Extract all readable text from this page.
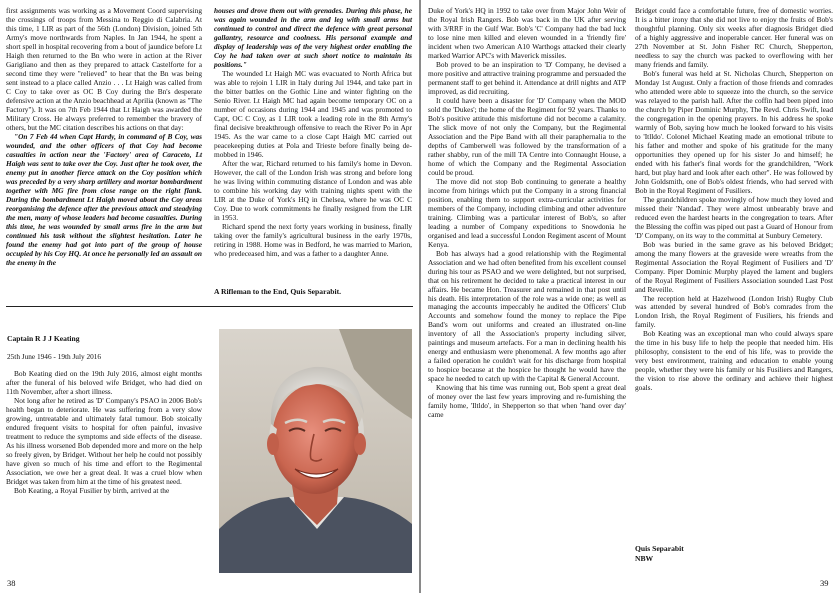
first assignments was working as a Movement Coord supervising the crossings of troops from Messina to Reggio di Calabria. At this time, 1 LIR as part of the 56th (London) Division, joined 5th Army's move northwards from Naples. In Jan 1944, he spent a short spell in hospital recovering from a bout of jaundice before Lt Haigh then returned to the Bn who were in action at the River Garigliano and then as they prepared to attack Castelforte for a second time they were "relieved" to hear that the Bn was being sent instead to a place called Anzio . . . Lt Haigh was called from C Coy to take over as OC B Coy during the Bn's desperate defensive action at the Anzio beachhead at Aprilia (known as "The Factory"). It was on 7th Feb 1944 that Lt Haigh was awarded the Military Cross. He always preferred to remember the bravery of others, but the MC citation describes his actions on that day:

"On 7 Feb 44 when Capt Hardy, in command of B Coy, was wounded, and the other officers of that Coy had become casualties in action near the 'Factory' area of Caraceto, Lt Haigh was sent to take over the Coy. Just after he took over, the enemy put in another fierce attack on the Coy position which was preceded by a very sharp artillery and mortar bombardment together with MG fire from close range on the right flank. During the bombardment Lt Haigh moved about the Coy areas reorganising the defence after the previous attack and steadying the men, many of whose leaders had become casualties. During this time, he was wounded by small arms fire in the arm but continued his task without the slightest hesitation. Later he found the enemy had got into part of the group of house occupied by his Coy HQ. At once he personally led an assault on the enemy in the

houses and drove them out with grenades. During this phase, he was again wounded in the arm and leg with small arms but continued to control and direct the defence with great personal gallantry, resource and coolness. His personal example and display of leadership was of the very highest order enabling the Coy he had taken over at such short notice to maintain its positions."

The wounded Lt Haigh MC was evacuated to North Africa but was able to rejoin 1 LIR in Italy during Jul 1944, and take part in the bitter battles on the Gothic Line and winter fighting on the Senio River. Lt Haigh MC had again become temporary OC on a number of occasions during 1944 and 1945 and was promoted to Capt, OC C Coy, as 1 LIR took a leading role in the 8th Army's final decisive breakthrough offensive to reach the River Po in Apr 1945. As the war came to a close Capt Haigh MC carried out peacekeeping duties at Pola and Trieste before finally being de-mobbed in 1946.

After the war, Richard returned to his family's home in Devon. However, the call of the London Irish was strong and before long he was living within commuting distance of London and was able to combine his working day with training nights spent with the LIR at the Duke of York's HQ in Chelsea, where he was OC C Coy. Due to work commitments he finally resigned from the LIR in 1953.

Richard spend the next forty years working in business, finally taking over the family's agricultural business in the early 1970s, retiring in 1988. Home was in Bedford, he was married to Marion, who predeceased him, and was a father to a daughter Anne.

A Rifleman to the End, Quis Separabit.
Captain R J J Keating
25th June 1946 - 19th July 2016

Bob Keating died on the 19th July 2016, almost eight months after the funeral of his beloved wife Bridget, who had died on 11th November, after a short illness.

Not long after he retired as 'D' Company's PSAO in 2006 Bob's health began to deteriorate. He was suffering from a very slow growing, untreatable and ultimately fatal tumour. Bob stoically endured frequent visits to hospital for often painful, invasive treatment to reduce the symptoms and side effects of the disease. As his illness worsened Bob depended more and more on the help so freely given, by Bridget. Without her help he could not possibly have given so much of his time and effort to the Regimental Association, we owe her a great deal. It was a cruel blow when Bridget was taken from him at the time of his greatest need.

Bob Keating, a Royal Fusilier by birth, arrived at the

38

Duke of York's HQ in 1992 to take over from Major John Weir of the Royal Irish Rangers. Bob was back in the UK after serving with 3/RRF in the Gulf War. Bob's 'C' Company had the bad luck to lose nine men killed and eleven wounded in a 'friendly fire' incident when two American A10 Warthogs attacked their clearly marked Warrior APC's with Maverick missiles.

Bob proved to be an inspiration to 'D' Company, he devised a more positive and attractive training programme and persuaded the permanent staff to get behind it. Attendance at drill nights and ATP improved, as did recruiting.

It could have been a disaster for 'D' Company when the MOD sold the 'Dukes'; the home of the Regiment for 92 years. Thanks to Bob's positive attitude this misfortune did not become a calamity. The slick move of not only the Company, but the Regimental Association and the Pipe Band with all their paraphernalia to the depths of Camberwell was followed by the transformation of a rather shabby, run of the mill TA Centre into Connaught House, a home of which the Company and the Regimental Association could be proud.

The move did not stop Bob continuing to generate a healthy income from hirings which put the Company in a strong financial position, enabling them to support extra-curricular activities for members of the Company, including climbing and other adventure training. Climbing was a particular interest of Bob's, so after leading a number of Company expeditions to Snowdonia he organised and lead a successful London Regiment ascent of Mount Kenya.

Bob has always had a good relationship with the Regimental Association and we had often benefited from his excellent counsel during his tour as PSAO and we were delighted, but not surprised, that on his retirement he decided to take a practical interest in our affairs. He became Hon. Treasurer and remained in that post until his death. His interpretation of the role was a wide one; as well as managing the accounts impeccably he audited the Officers' Club Accounts and somehow found the money to replace the Pipe Band's worn out uniforms and created an illustrated on-line inventory of all the Association's property including silver, paintings and museum artefacts. For a man in declining health his energy and enthusiasm were phenomenal. A few months ago after a failed operation he couldn't wait for his discharge from hospital to hospice because at the hospice he thought he would have the space he needed to catch up with the Capital & General Account.

Knowing that his time was running out, Bob spent a great deal of money over the last few years improving and re-furnishing the family home, 'Iltldo', in Shepperton so that when 'hand over day' came

Bridget could face a comfortable future, free of domestic worries. It is a bitter irony that she did not live to enjoy the fruits of Bob's thoughtful planning. Only six weeks after diagnosis Bridget died of a highly aggressive and inoperable cancer. Her funeral was on 27th November at St. John Fisher RC Church, Shepperton, needless to say the church was packed to overflowing with her many friends and family.

Bob's funeral was held at St. Nicholas Church, Shepperton on Monday 1st August. Only a fraction of those friends and comrades who attended were able to squeeze into the church, so the service was relayed to the parish hall. After the coffin had been piped into the church by Piper Dominic Murphy, The Revd. Chris Swift, lead the congregation in the opening prayers. In his address he spoke warmly of Bob, saying how much he looked forward to his visits to 'Itlldo'. Colonel Michael Keating made an emotional tribute to his father and mother and spoke of his gratitude for the many opportunities they opened up for his sister Jo and himself; he ended with his father's final words for the grandchildren, "Work hard, but play hard and look after each other". He was followed by John Goldsmith, one of Bob's oldest friends, who had served with Bob in the Royal Regiment of Fusiliers.

The grandchildren spoke movingly of how much they loved and missed their 'Nandad'. They were almost unbearably brave and reduced even the hardest hearts in the congregation to tears. After the Blessing the coffin was piped out past a Guard of Honour from 'D' Company, on its way to the committal at Sunbury Cemetery.

Bob was buried in the same grave as his beloved Bridget; among the many flowers at the graveside were wreaths from the Regimental Association the Royal Regiment of Fusiliers and 'D' Company. Piper Dominic Murphy played the lament and buglers of the Royal Regiment of Fusiliers Association sounded Last Post and Reveille.

The reception held at Hazelwood (London Irish) Rugby Club was attended by several hundred of Bob's comrades from the London Irish, the Royal Regiment of Fusiliers, his friends and family.

Bob Keating was an exceptional man who could always spare the time in his busy life to help the people that needed him. His philosophy, consistent to the end of his life, was to provide the very best environment, training and education to enable young people, whether they were his family or his Fusiliers and Rangers, the vision to rise above the ordinary and achieve their highest goals.

Quis Separabit
NBW
39
